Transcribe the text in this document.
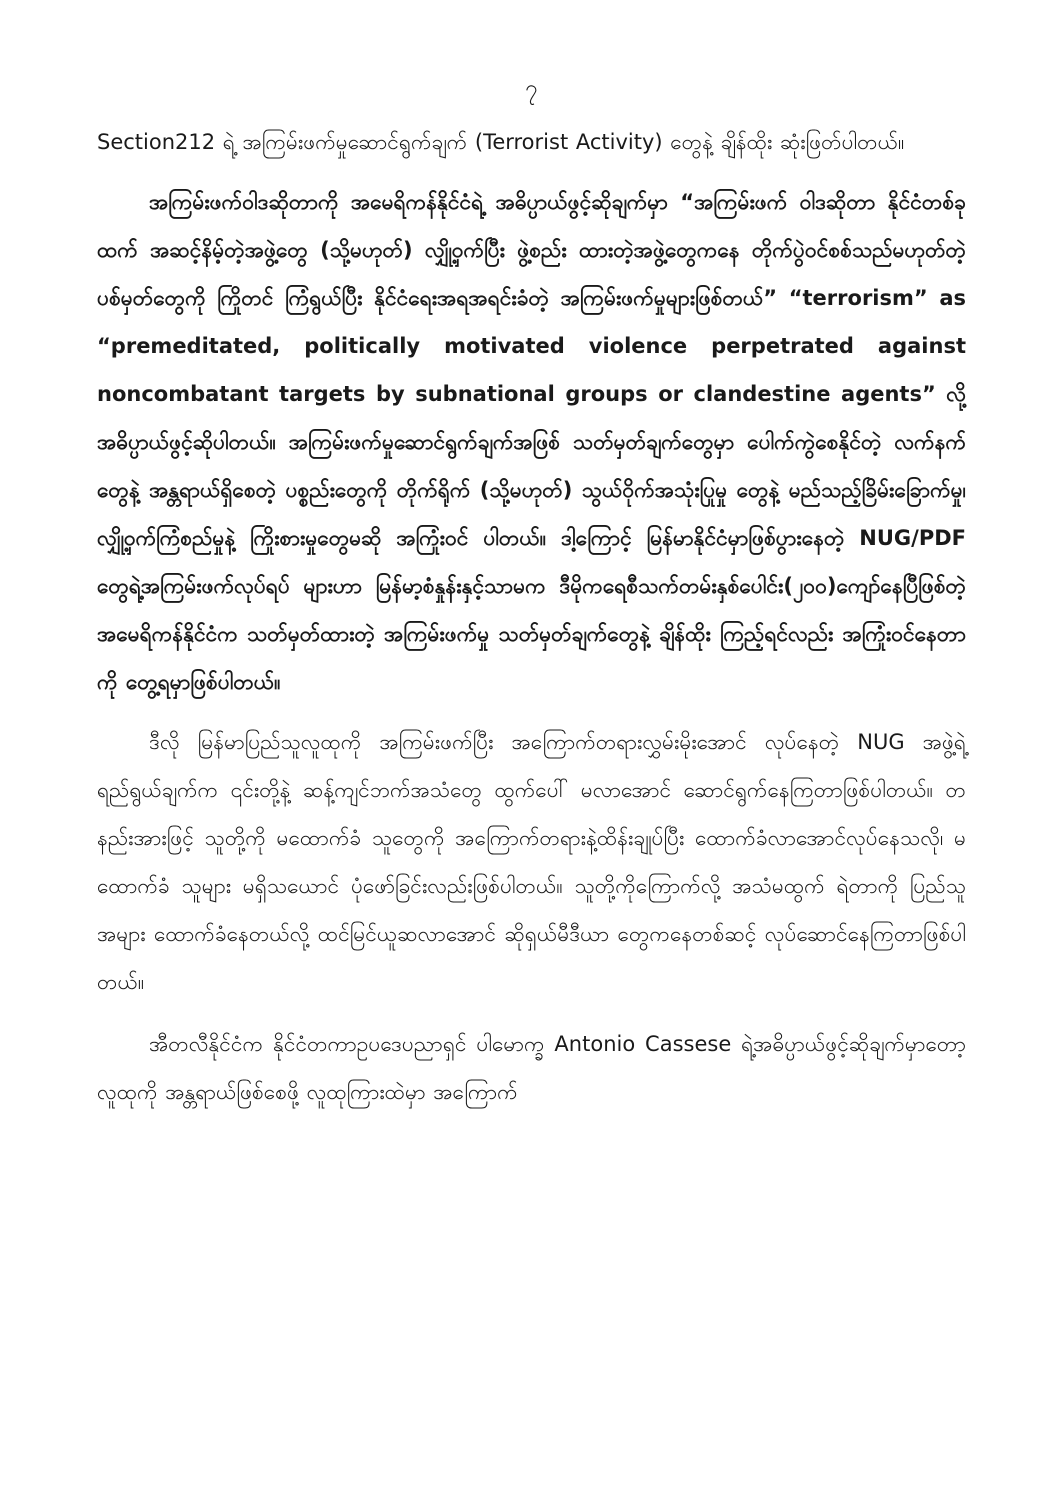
၇

Section212 ရဲ့ အကြမ်းဖက်မှုဆောင်ရွက်ချက် (Terrorist Activity) တွေနဲ့ ချိန်ထိုး ဆုံးဖြတ်ပါတယ်။

အကြမ်းဖက်ဝါဒဆိုတာကို အမေရိကန်နိုင်ငံရဲ့ အဓိပ္ပာယ်ဖွင့်ဆိုချက်မှာ “အကြမ်းဖက် ဝါဒဆိုတာ နိုင်ငံတစ်ခုထက် အဆင့်နိမ့်တဲ့အဖွဲ့တွေ (သို့မဟုတ်) လျှို့ဝှက်ပြီး ဖွဲ့စည်း ထားတဲ့အဖွဲ့တွေကနေ တိုက်ပွဲဝင်စစ်သည်မဟုတ်တဲ့ပစ်မှတ်တွေကို ကြိုတင် ကြံရွယ်ပြီး နိုင်ငံရေးအရအရင်းခံတဲ့ အကြမ်းဖက်မှုများဖြစ်တယ်” “terrorism” as “premeditated, politically motivated violence perpetrated against noncombatant targets by subnational groups or clandestine agents” လို့ အဓိပ္ပာယ်ဖွင့်ဆိုပါတယ်။ အကြမ်းဖက်မှုဆောင်ရွက်ချက်အဖြစ် သတ်မှတ်ချက်တွေမှာ ပေါက်ကွဲစေနိုင်တဲ့ လက်နက် တွေနဲ့ အန္တရာယ်ရှိစေတဲ့ ပစ္စည်းတွေကို တိုက်ရိုက် (သို့မဟုတ်) သွယ်ဝိုက်အသုံးပြုမှု တွေနဲ့ မည်သည့်ခြိမ်းခြောက်မှု၊ လျှို့ဝှက်ကြံစည်မှုနဲ့ ကြိုးစားမှုတွေမဆို အကြုံးဝင် ပါတယ်။ ဒါ့ကြောင့် မြန်မာနိုင်ငံမှာဖြစ်ပွားနေတဲ့ NUG/PDF တွေရဲ့အကြမ်းဖက်လုပ်ရပ် များဟာ မြန်မာ့စံနှုန်းနှင့်သာမက ဒီမိုကရေစီသက်တမ်းနှစ်ပေါင်း(၂၀၀)ကျော်နေပြီဖြစ်တဲ့ အမေရိကန်နိုင်ငံက သတ်မှတ်ထားတဲ့ အကြမ်းဖက်မှု သတ်မှတ်ချက်တွေနဲ့ ချိန်ထိုး ကြည့်ရင်လည်း အကြုံးဝင်နေတာကို တွေ့ရမှာဖြစ်ပါတယ်။

ဒီလို မြန်မာပြည်သူလူထုကို အကြမ်းဖက်ပြီး အကြောက်တရားလွှမ်းမိုးအောင် လုပ်နေတဲ့ NUG အဖွဲ့ရဲ့ ရည်ရွယ်ချက်က ၎င်းတို့နဲ့ ဆန့်ကျင်ဘက်အသံတွေ ထွက်ပေါ် မလာအောင် ဆောင်ရွက်နေကြတာဖြစ်ပါတယ်။ တနည်းအားဖြင့် သူတို့ကို မထောက်ခံ သူတွေကို အကြောက်တရားနဲ့ထိန်းချုပ်ပြီး ထောက်ခံလာအောင်လုပ်နေသလို၊ မထောက်ခံ သူများ မရှိသယောင် ပုံဖော်ခြင်းလည်းဖြစ်ပါတယ်။ သူတို့ကိုကြောက်လို့ အသံမထွက် ရဲတာကို ပြည်သူအများ ထောက်ခံနေတယ်လို့ ထင်မြင်ယူဆလာအောင် ဆိုရှယ်မီဒီယာ တွေကနေတစ်ဆင့် လုပ်ဆောင်နေကြတာဖြစ်ပါတယ်။

အီတလီနိုင်ငံက နိုင်ငံတကာဥပဒေပညာရှင် ပါမောက္ခ Antonio Cassese ရဲ့အဓိပ္ပာယ်ဖွင့်ဆိုချက်မှာတော့ လူထုကို အန္တရာယ်ဖြစ်စေဖို့ လူထုကြားထဲမှာ အကြောက်
